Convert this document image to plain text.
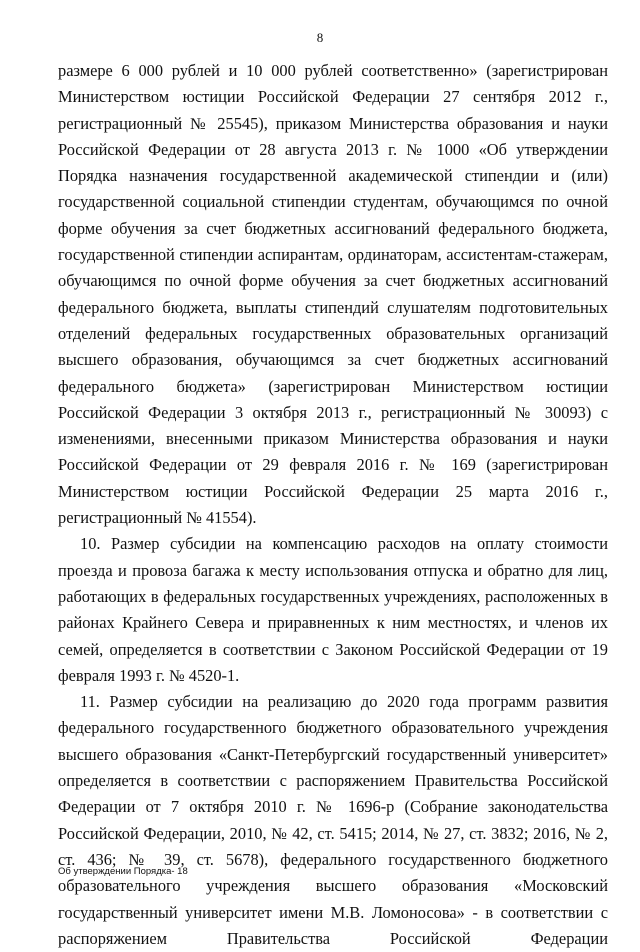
8

размере 6 000 рублей и 10 000 рублей соответственно» (зарегистрирован Министерством юстиции Российской Федерации 27 сентября 2012 г., регистрационный № 25545), приказом Министерства образования и науки Российской Федерации от 28 августа 2013 г. № 1000 «Об утверждении Порядка назначения государственной академической стипендии и (или) государственной социальной стипендии студентам, обучающимся по очной форме обучения за счет бюджетных ассигнований федерального бюджета, государственной стипендии аспирантам, ординаторам, ассистентам-стажерам, обучающимся по очной форме обучения за счет бюджетных ассигнований федерального бюджета, выплаты стипендий слушателям подготовительных отделений федеральных государственных образовательных организаций высшего образования, обучающимся за счет бюджетных ассигнований федерального бюджета» (зарегистрирован Министерством юстиции Российской Федерации 3 октября 2013 г., регистрационный № 30093) с изменениями, внесенными приказом Министерства образования и науки Российской Федерации от 29 февраля 2016 г. № 169 (зарегистрирован Министерством юстиции Российской Федерации 25 марта 2016 г., регистрационный № 41554).

10. Размер субсидии на компенсацию расходов на оплату стоимости проезда и провоза багажа к месту использования отпуска и обратно для лиц, работающих в федеральных государственных учреждениях, расположенных в районах Крайнего Севера и приравненных к ним местностях, и членов их семей, определяется в соответствии с Законом Российской Федерации от 19 февраля 1993 г. № 4520-1.

11. Размер субсидии на реализацию до 2020 года программ развития федерального государственного бюджетного образовательного учреждения высшего образования «Санкт-Петербургский государственный университет» определяется в соответствии с распоряжением Правительства Российской Федерации от 7 октября 2010 г. № 1696-р (Собрание законодательства Российской Федерации, 2010, № 42, ст. 5415; 2014, № 27, ст. 3832; 2016, № 2, ст. 436; № 39, ст. 5678), федерального государственного бюджетного образовательного учреждения высшего образования «Московский государственный университет имени М.В. Ломоносова» - в соответствии с распоряжением Правительства Российской Федерации

Об утверждении Порядка- 18
